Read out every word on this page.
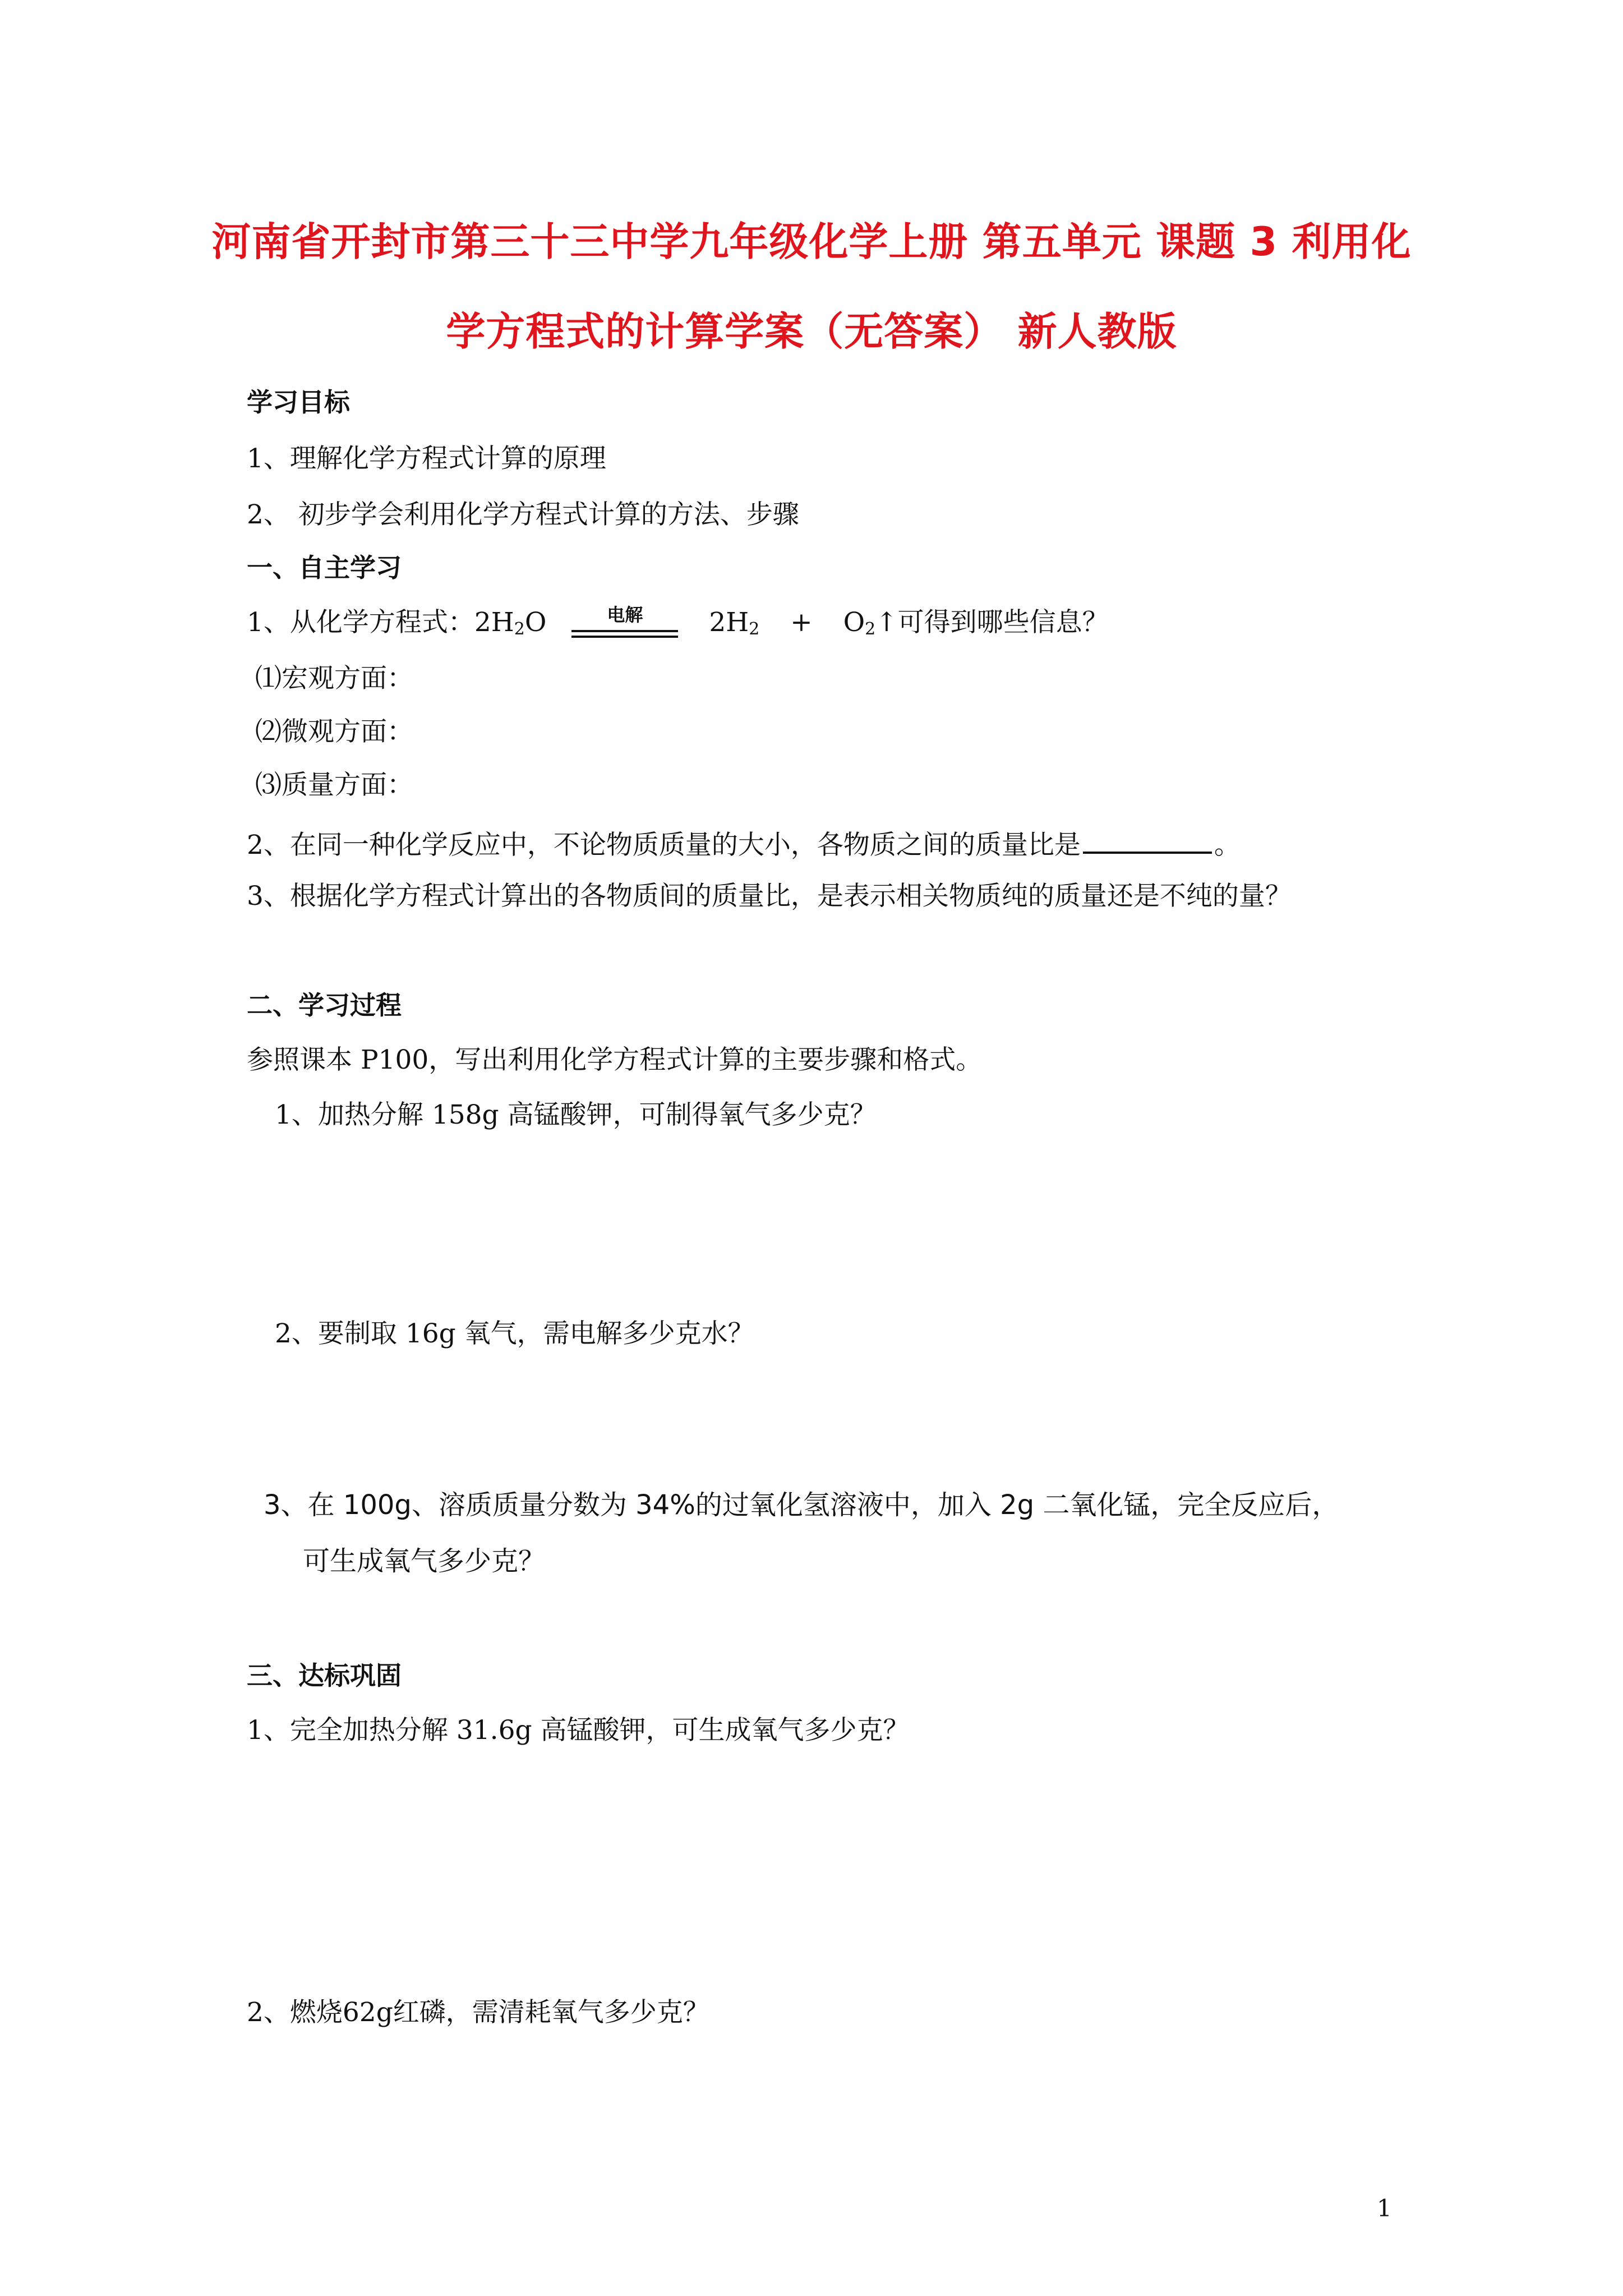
河南省开封市第三十三中学九年级化学上册 第五单元 课题 3 利用化
学方程式的计算学案（无答案） 新人教版
学习目标
1、理解化学方程式计算的原理
2、 初步学会利用化学方程式计算的方法、步骤
一、自主学习
1、从化学方程式：$2H_2O$	电解	$2H_2$ + $O_2↑$可得到哪些信息？
⑴宏观方面：
⑵微观方面：
⑶质量方面：
2、在同一种化学反应中，不论物质质量的大小，各物质之间的质量比是	。
3、根据化学方程式计算出的各物质间的质量比，是表示相关物质纯的质量还是不纯的量？
二、学习过程
参照课本 P100，写出利用化学方程式计算的主要步骤和格式。
1、加热分解 158g 高锰酸钾，可制得氧气多少克？
2、要制取 16g 氧气，需电解多少克水？
3、在 100g、溶质质量分数为 34%的过氧化氢溶液中，加入 2g 二氧化锰，完全反应后，
可生成氧气多少克？
三、达标巩固
1、完全加热分解 31.6g 高锰酸钾，可生成氧气多少克？
2、燃烧62g红磷，需清耗氧气多少克？
1
